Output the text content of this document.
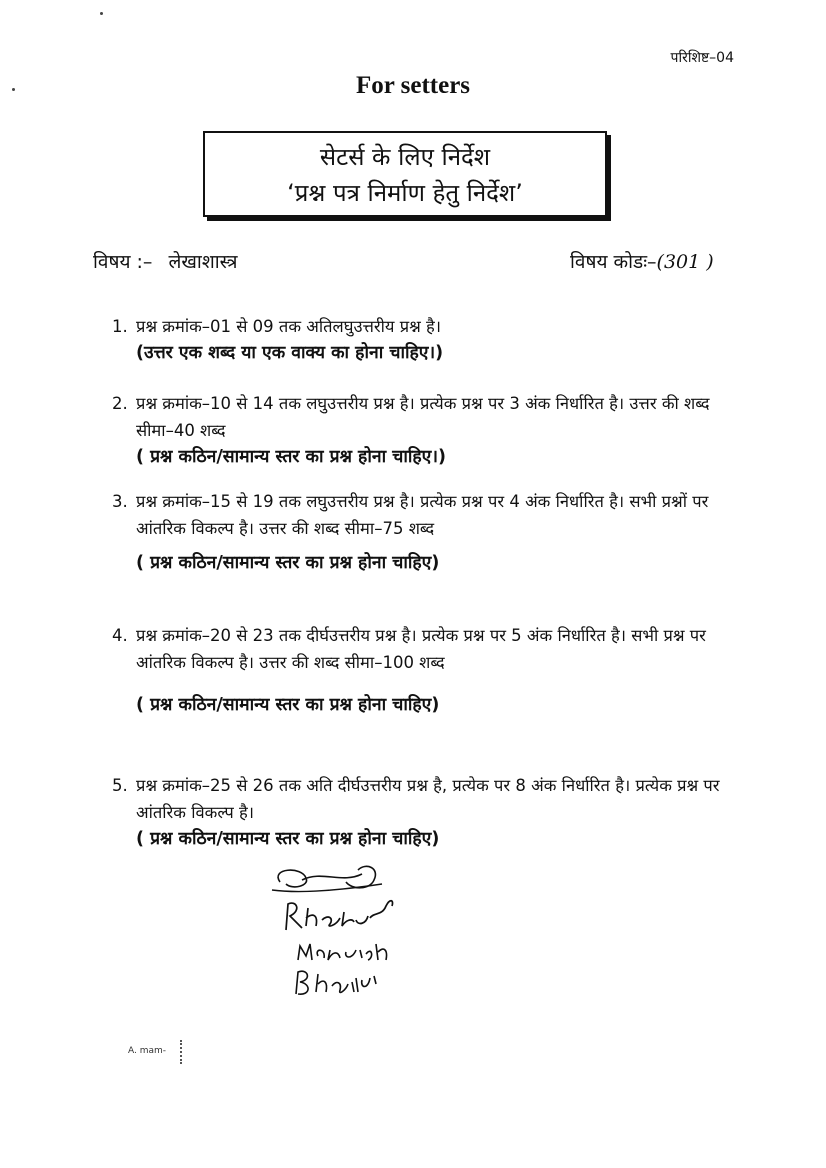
परिशिष्ट–04
For setters
सेटर्स के लिए निर्देश
‘प्रश्न पत्र निर्माण हेतु निर्देश’
विषय :– लेखाशास्त्र	विषय कोडः–(301 )
1. प्रश्न क्रमांक–01 से 09 तक अतिलघुउत्तरीय प्रश्न है।
(उत्तर एक शब्द या एक वाक्य का होना चाहिए।)
2. प्रश्न क्रमांक–10 से 14 तक लघुउत्तरीय प्रश्न है। प्रत्येक प्रश्न पर 3 अंक निर्धारित है। उत्तर की शब्द सीमा–40 शब्द
( प्रश्न कठिन/सामान्य स्तर का प्रश्न होना चाहिए।)
3. प्रश्न क्रमांक–15 से 19 तक लघुउत्तरीय प्रश्न है। प्रत्येक प्रश्न पर 4 अंक निर्धारित है। सभी प्रश्नों पर आंतरिक विकल्प है। उत्तर की शब्द सीमा–75 शब्द
( प्रश्न कठिन/सामान्य स्तर का प्रश्न होना चाहिए)
4. प्रश्न क्रमांक–20 से 23 तक दीर्घउत्तरीय प्रश्न है। प्रत्येक प्रश्न पर 5 अंक निर्धारित है। सभी प्रश्न पर आंतरिक विकल्प है। उत्तर की शब्द सीमा–100 शब्द
( प्रश्न कठिन/सामान्य स्तर का प्रश्न होना चाहिए)
5. प्रश्न क्रमांक–25 से 26 तक अति दीर्घउत्तरीय प्रश्न है, प्रत्येक पर 8 अंक निर्धारित है। प्रत्येक प्रश्न पर आंतरिक विकल्प है।
( प्रश्न कठिन/सामान्य स्तर का प्रश्न होना चाहिए)
A. mam-
